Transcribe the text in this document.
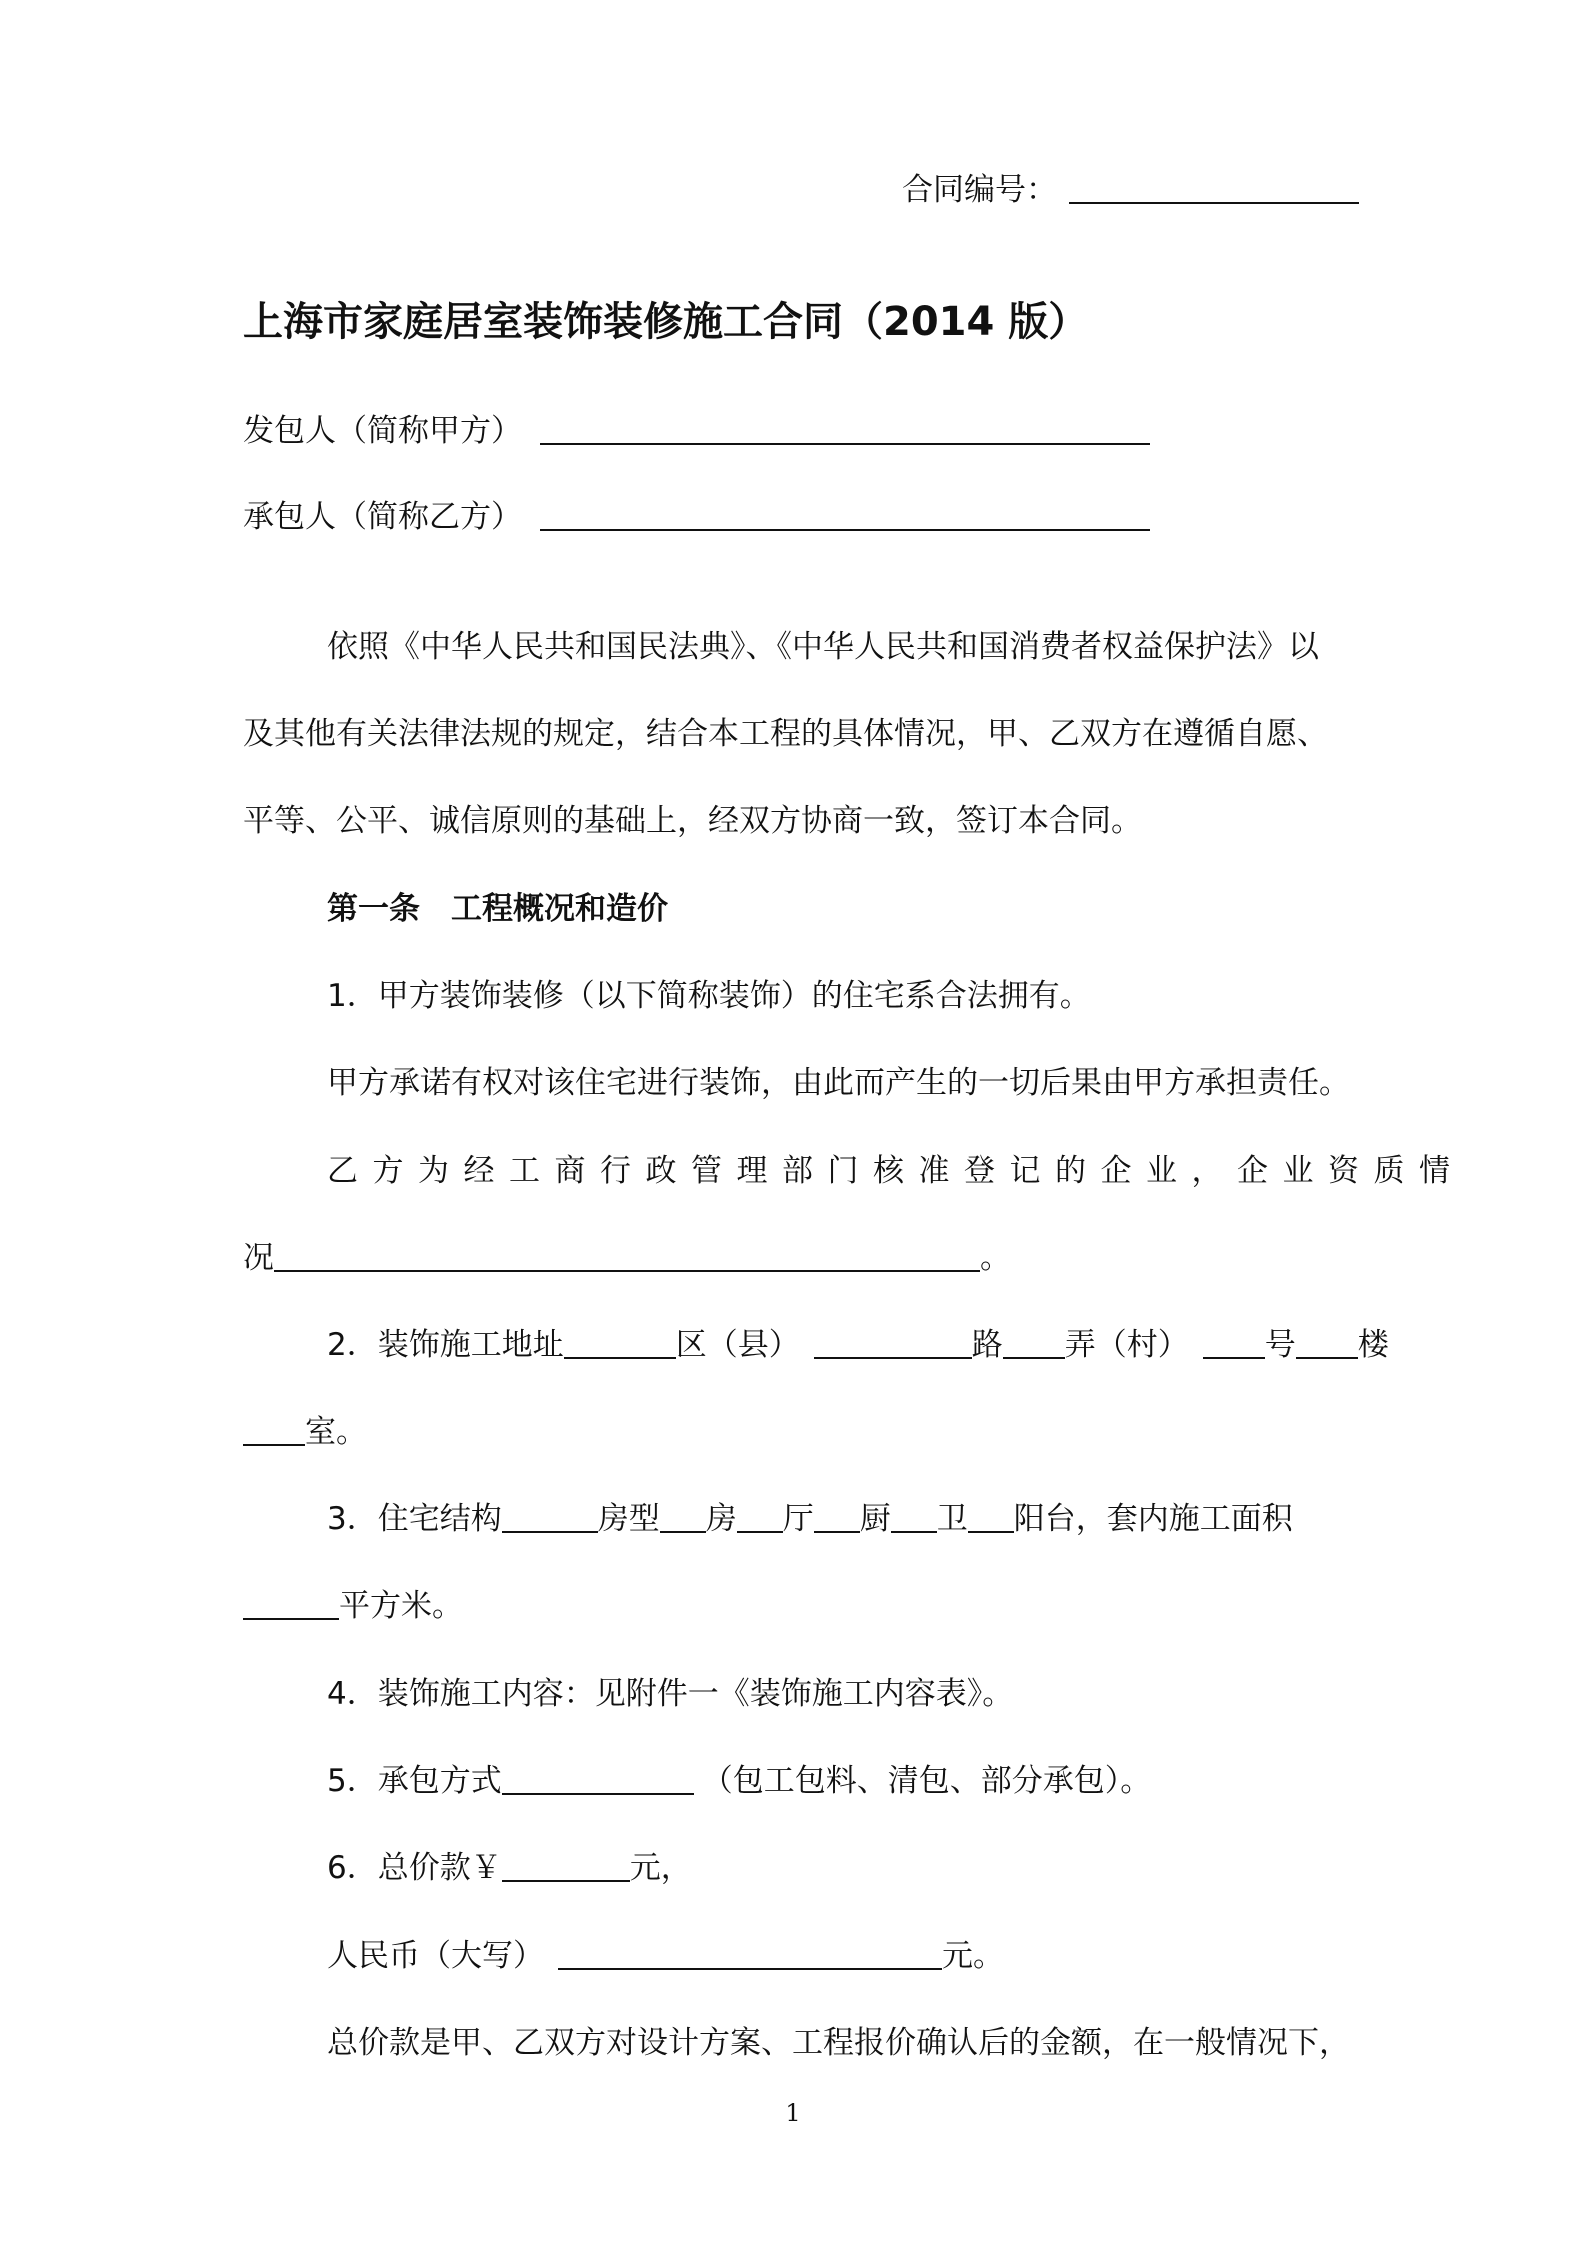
合同编号：
上海市家庭居室装饰装修施工合同（2014 版）
发包人（简称甲方）
承包人（简称乙方）
依照《中华人民共和国民法典》、《中华人民共和国消费者权益保护法》以
及其他有关法律法规的规定，结合本工程的具体情况，甲、乙双方在遵循自愿、
平等、公平、诚信原则的基础上，经双方协商一致，签订本合同。
第一条　工程概况和造价
1．甲方装饰装修（以下简称装饰）的住宅系合法拥有。
甲方承诺有权对该住宅进行装饰，由此而产生的一切后果由甲方承担责任。
乙方为经工商行政管理部门核准登记的企业，企业资质情
况	。
2．装饰施工地址	区（县）	路 弄（村） 号 楼
室。
3．住宅结构	房型 房 厅 厨 卫 阳台，套内施工面积
平方米。
4．装饰施工内容：见附件一《装饰施工内容表》。
5．承包方式	（包工包料、清包、部分承包）。
6．总价款￥	元，
人民币（大写）	元。
总价款是甲、乙双方对设计方案、工程报价确认后的金额，在一般情况下，
1
